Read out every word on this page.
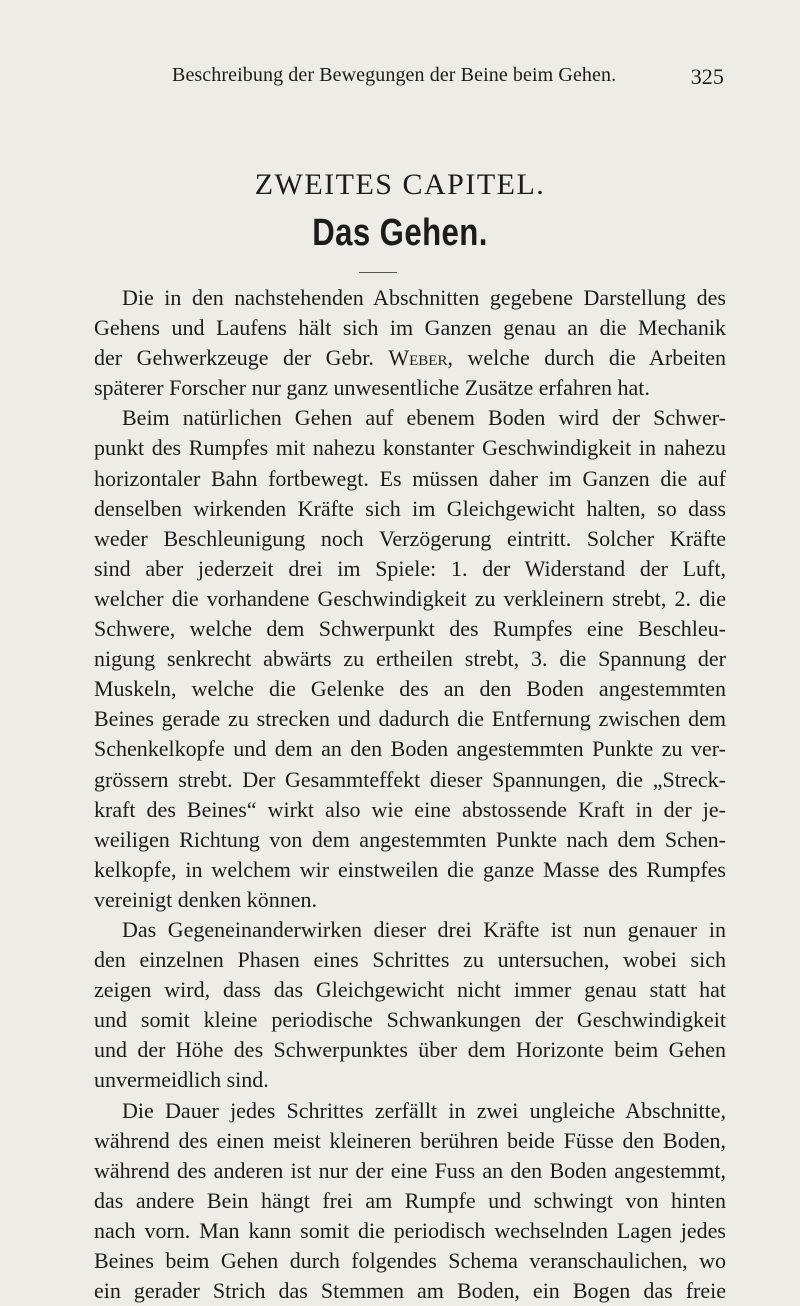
Beschreibung der Bewegungen der Beine beim Gehen.	325
ZWEITES CAPITEL.
Das Gehen.
Die in den nachstehenden Abschnitten gegebene Darstellung des
Gehens und Laufens hält sich im Ganzen genau an die Mechanik
der Gehwerkzeuge der Gebr. Weber, welche durch die Arbeiten
späterer Forscher nur ganz unwesentliche Zusätze erfahren hat.
Beim natürlichen Gehen auf ebenem Boden wird der Schwer-
punkt des Rumpfes mit nahezu konstanter Geschwindigkeit in nahezu
horizontaler Bahn fortbewegt. Es müssen daher im Ganzen die auf
denselben wirkenden Kräfte sich im Gleichgewicht halten, so dass
weder Beschleunigung noch Verzögerung eintritt. Solcher Kräfte
sind aber jederzeit drei im Spiele: 1. der Widerstand der Luft,
welcher die vorhandene Geschwindigkeit zu verkleinern strebt, 2. die
Schwere, welche dem Schwerpunkt des Rumpfes eine Beschleu-
nigung senkrecht abwärts zu ertheilen strebt, 3. die Spannung der
Muskeln, welche die Gelenke des an den Boden angestemmten
Beines gerade zu strecken und dadurch die Entfernung zwischen dem
Schenkelkopfe und dem an den Boden angestemmten Punkte zu ver-
grössern strebt. Der Gesammteffekt dieser Spannungen, die „Streck-
kraft des Beines“ wirkt also wie eine abstossende Kraft in der je-
weiligen Richtung von dem angestemmten Punkte nach dem Schen-
kelkopfe, in welchem wir einstweilen die ganze Masse des Rumpfes
vereinigt denken können.
Das Gegeneinanderwirken dieser drei Kräfte ist nun genauer in
den einzelnen Phasen eines Schrittes zu untersuchen, wobei sich
zeigen wird, dass das Gleichgewicht nicht immer genau statt hat
und somit kleine periodische Schwankungen der Geschwindigkeit
und der Höhe des Schwerpunktes über dem Horizonte beim Gehen
unvermeidlich sind.
Die Dauer jedes Schrittes zerfällt in zwei ungleiche Abschnitte,
während des einen meist kleineren berühren beide Füsse den Boden,
während des anderen ist nur der eine Fuss an den Boden angestemmt,
das andere Bein hängt frei am Rumpfe und schwingt von hinten
nach vorn. Man kann somit die periodisch wechselnden Lagen jedes
Beines beim Gehen durch folgendes Schema veranschaulichen, wo
ein gerader Strich das Stemmen am Boden, ein Bogen das freie
